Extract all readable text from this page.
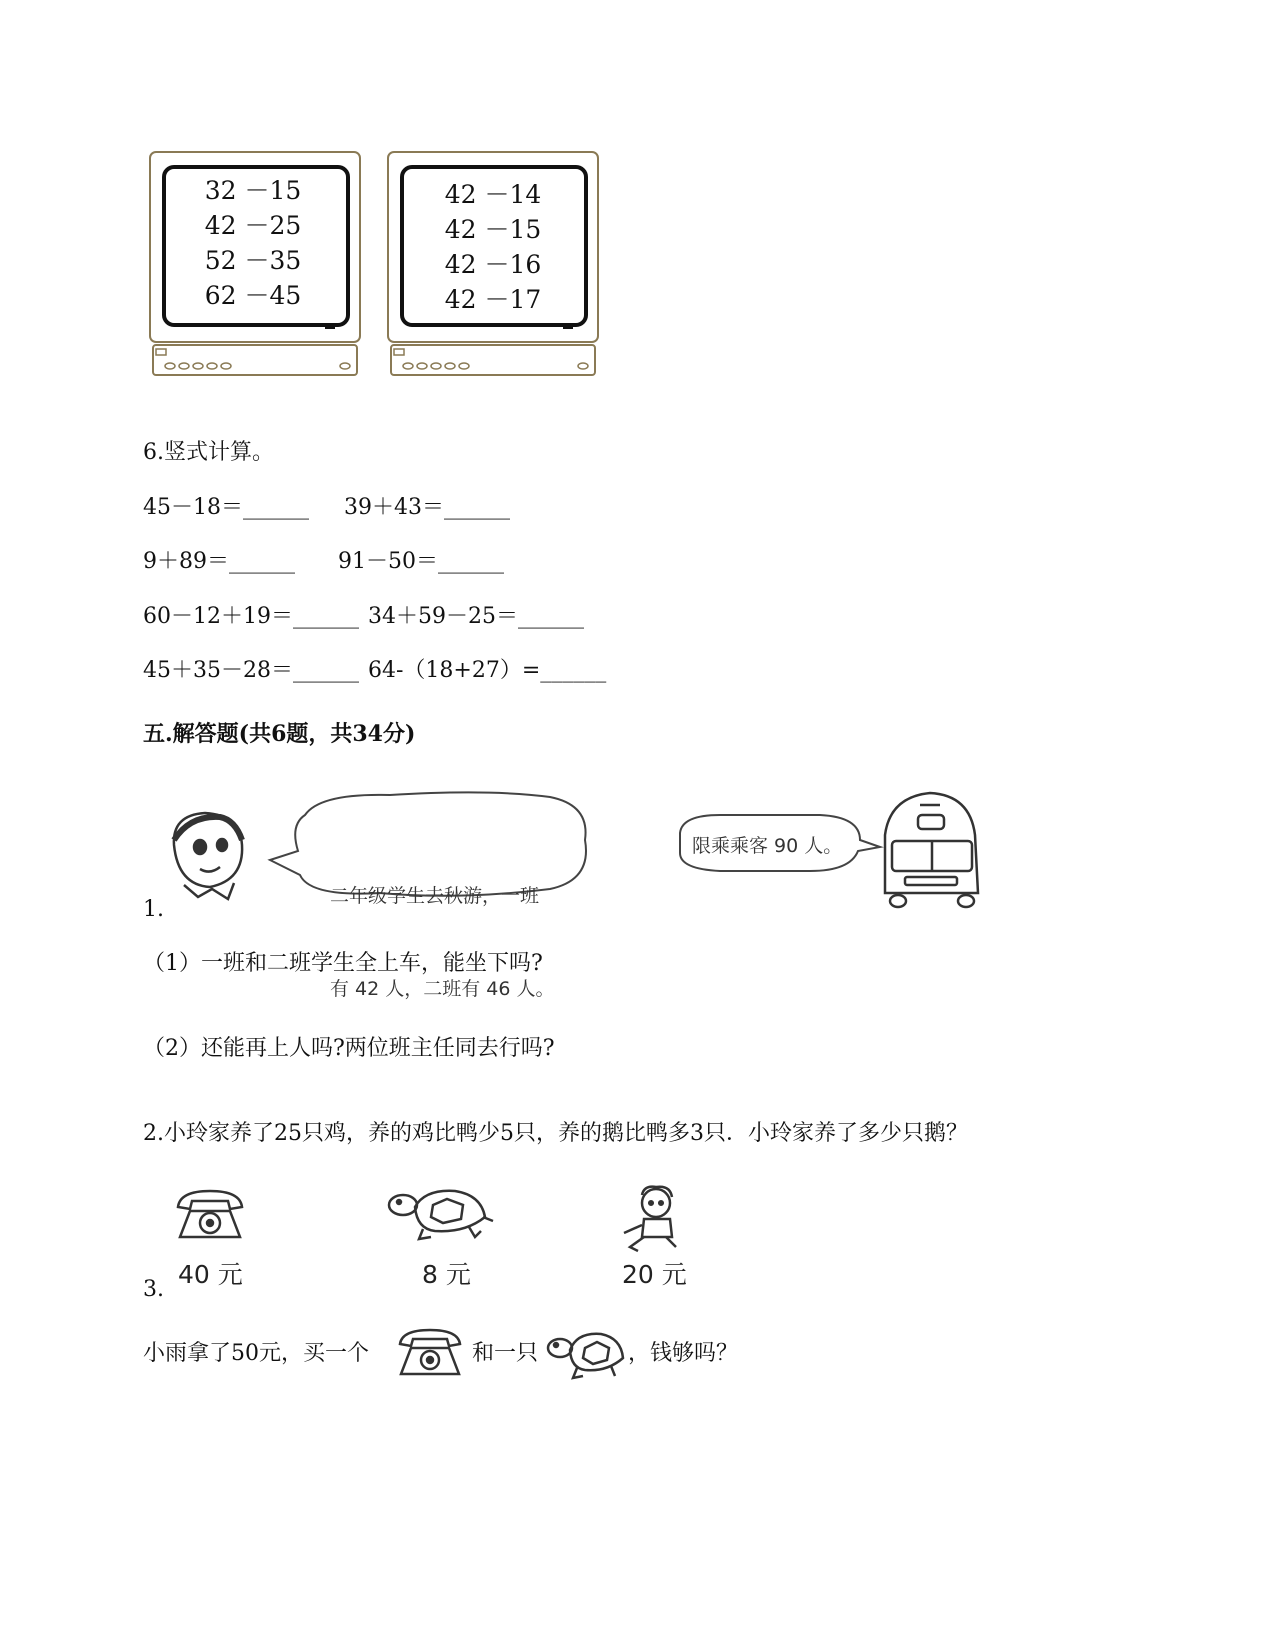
32 －15
42 －25
52 －35
62 －45
42 －14
42 －15
42 －16
42 －17
6.竖式计算。
45－18＝______ 39＋43＝______
9＋89＝______ 91－50＝______
60－12＋19＝______ 34＋59－25＝______
45＋35－28＝______ 64-（18+27）=______
五.解答题(共6题，共34分)

二年级学生去秋游，一班

有 42 人，二班有 46 人。

限乘乘客 90 人。
1.
（1）一班和二班学生全上车，能坐下吗?
（2）还能再上人吗?两位班主任同去行吗?
2.小玲家养了25只鸡，养的鸡比鸭少5只，养的鹅比鸭多3只．小玲家养了多少只鹅？
40 元	8 元	20 元
3.
小雨拿了50元，买一个	和一只	，钱够吗？
